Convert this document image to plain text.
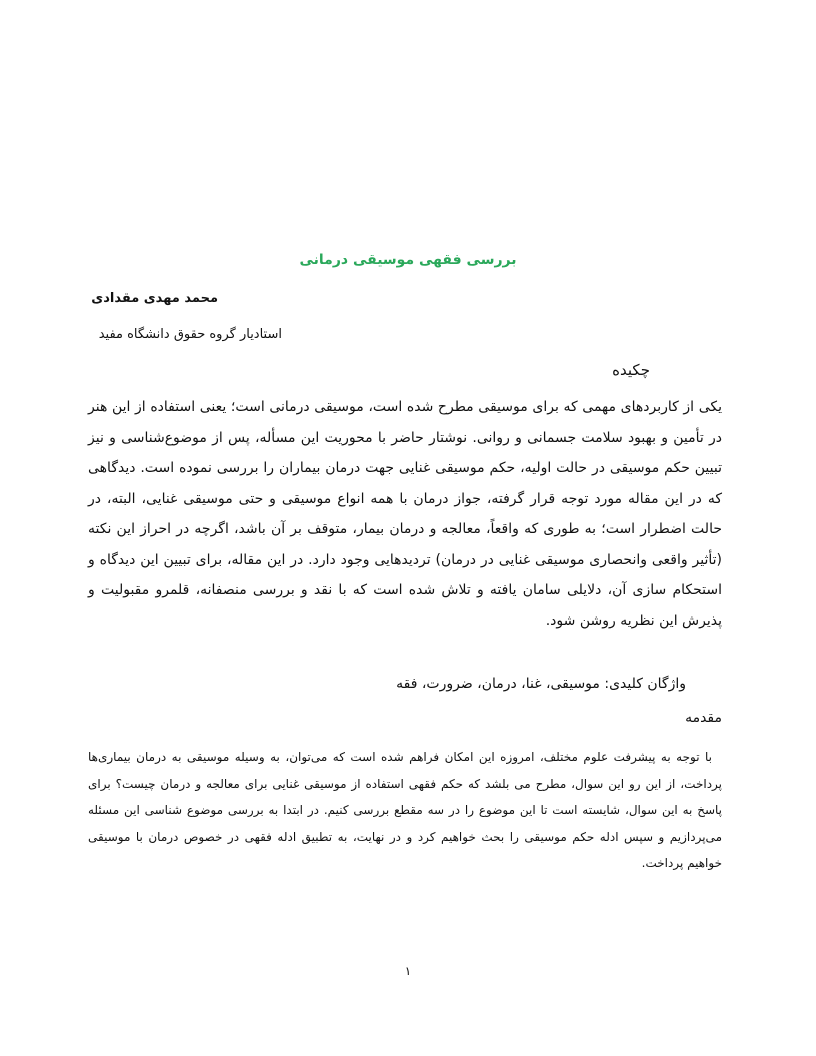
بررسی فقهی موسیقی درمانی
محمد مهدی مقدادی
استادیار گروه حقوق دانشگاه مفید
چکیده
یکی از کاربردهای مهمی که برای موسیقی مطرح شده است، موسیقی درمانی است؛ یعنی استفاده از این هنر در تأمین و بهبود سلامت جسمانی و روانی. نوشتار حاضر با محوریت این مسأله، پس از موضوع‌شناسی و نیز تبیین حکم موسیقی در حالت اولیه، حکم موسیقی غنایی جهت درمان بیماران را بررسی نموده است. دیدگاهی که در این مقاله مورد توجه قرار گرفته، جواز درمان با همه انواع موسیقی و حتی موسیقی غنایی، البته، در حالت اضطرار است؛ به طوری که واقعاً، معالجه و درمان بیمار، متوقف بر آن باشد، اگرچه در احراز این نکته (تأثیر واقعی وانحصاری موسیقی غنایی در درمان) تردیدهایی وجود دارد. در این مقاله، برای تبیین این دیدگاه و استحکام سازی آن، دلایلی سامان یافته و تلاش شده است که با نقد و بررسی منصفانه، قلمرو مقبولیت و پذیرش این نظریه روشن شود.
واژگان کلیدی: موسیقی، غنا، درمان، ضرورت، فقه
مقدمه
با توجه به پیشرفت علوم مختلف، امروزه این امکان فراهم شده است که می‌توان، به وسیله موسیقی به درمان بیماری‌ها پرداخت، از این رو این سوال، مطرح می بلشد که حکم فقهی استفاده از موسیقی غنایی برای معالجه و درمان چیست؟ برای پاسخ به این سوال، شایسته است تا این موضوع را در سه مقطع بررسی کنیم. در ابتدا به بررسی موضوع شناسی این مسئله می‌پردازیم و سپس ادله حکم موسیقی را بحث خواهیم کرد و در نهایت، به تطبیق ادله فقهی در خصوص درمان با موسیقی خواهیم پرداخت.
۱
